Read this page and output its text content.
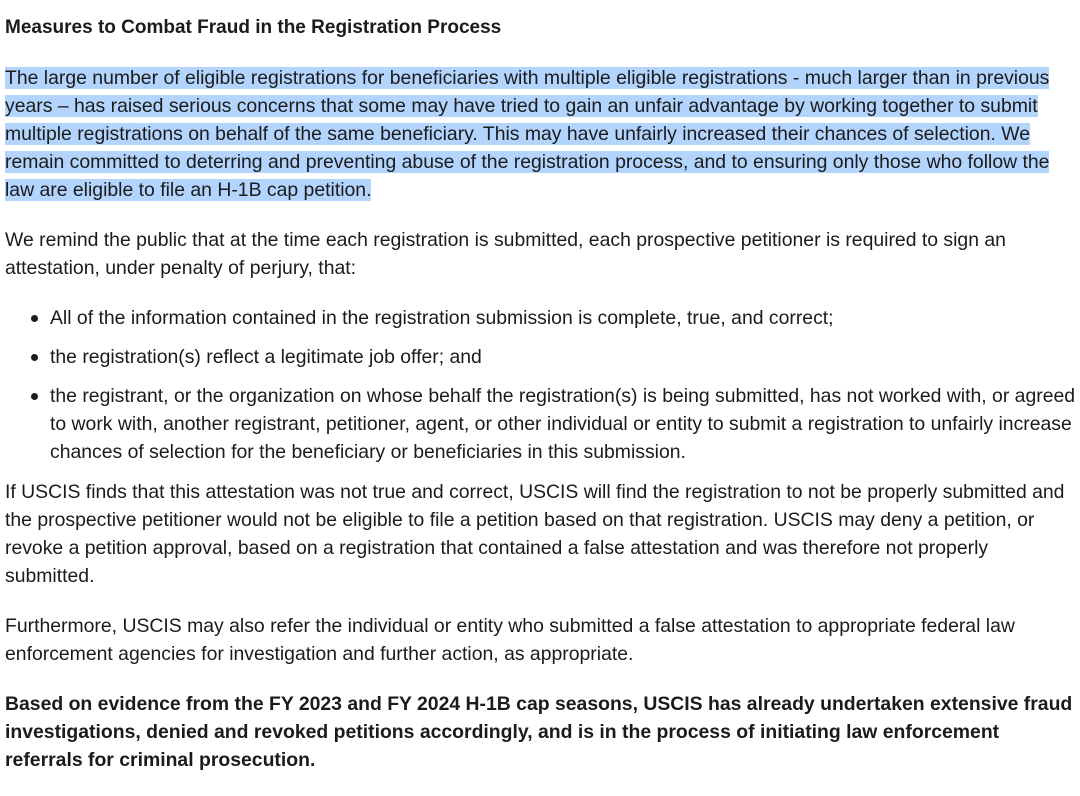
Measures to Combat Fraud in the Registration Process

The large number of eligible registrations for beneficiaries with multiple eligible registrations - much larger than in previous years – has raised serious concerns that some may have tried to gain an unfair advantage by working together to submit multiple registrations on behalf of the same beneficiary. This may have unfairly increased their chances of selection. We remain committed to deterring and preventing abuse of the registration process, and to ensuring only those who follow the law are eligible to file an H-1B cap petition.

We remind the public that at the time each registration is submitted, each prospective petitioner is required to sign an attestation, under penalty of perjury, that:

All of the information contained in the registration submission is complete, true, and correct;
the registration(s) reflect a legitimate job offer; and
the registrant, or the organization on whose behalf the registration(s) is being submitted, has not worked with, or agreed to work with, another registrant, petitioner, agent, or other individual or entity to submit a registration to unfairly increase chances of selection for the beneficiary or beneficiaries in this submission.

If USCIS finds that this attestation was not true and correct, USCIS will find the registration to not be properly submitted and the prospective petitioner would not be eligible to file a petition based on that registration. USCIS may deny a petition, or revoke a petition approval, based on a registration that contained a false attestation and was therefore not properly submitted.

Furthermore, USCIS may also refer the individual or entity who submitted a false attestation to appropriate federal law enforcement agencies for investigation and further action, as appropriate.

Based on evidence from the FY 2023 and FY 2024 H-1B cap seasons, USCIS has already undertaken extensive fraud investigations, denied and revoked petitions accordingly, and is in the process of initiating law enforcement referrals for criminal prosecution.
